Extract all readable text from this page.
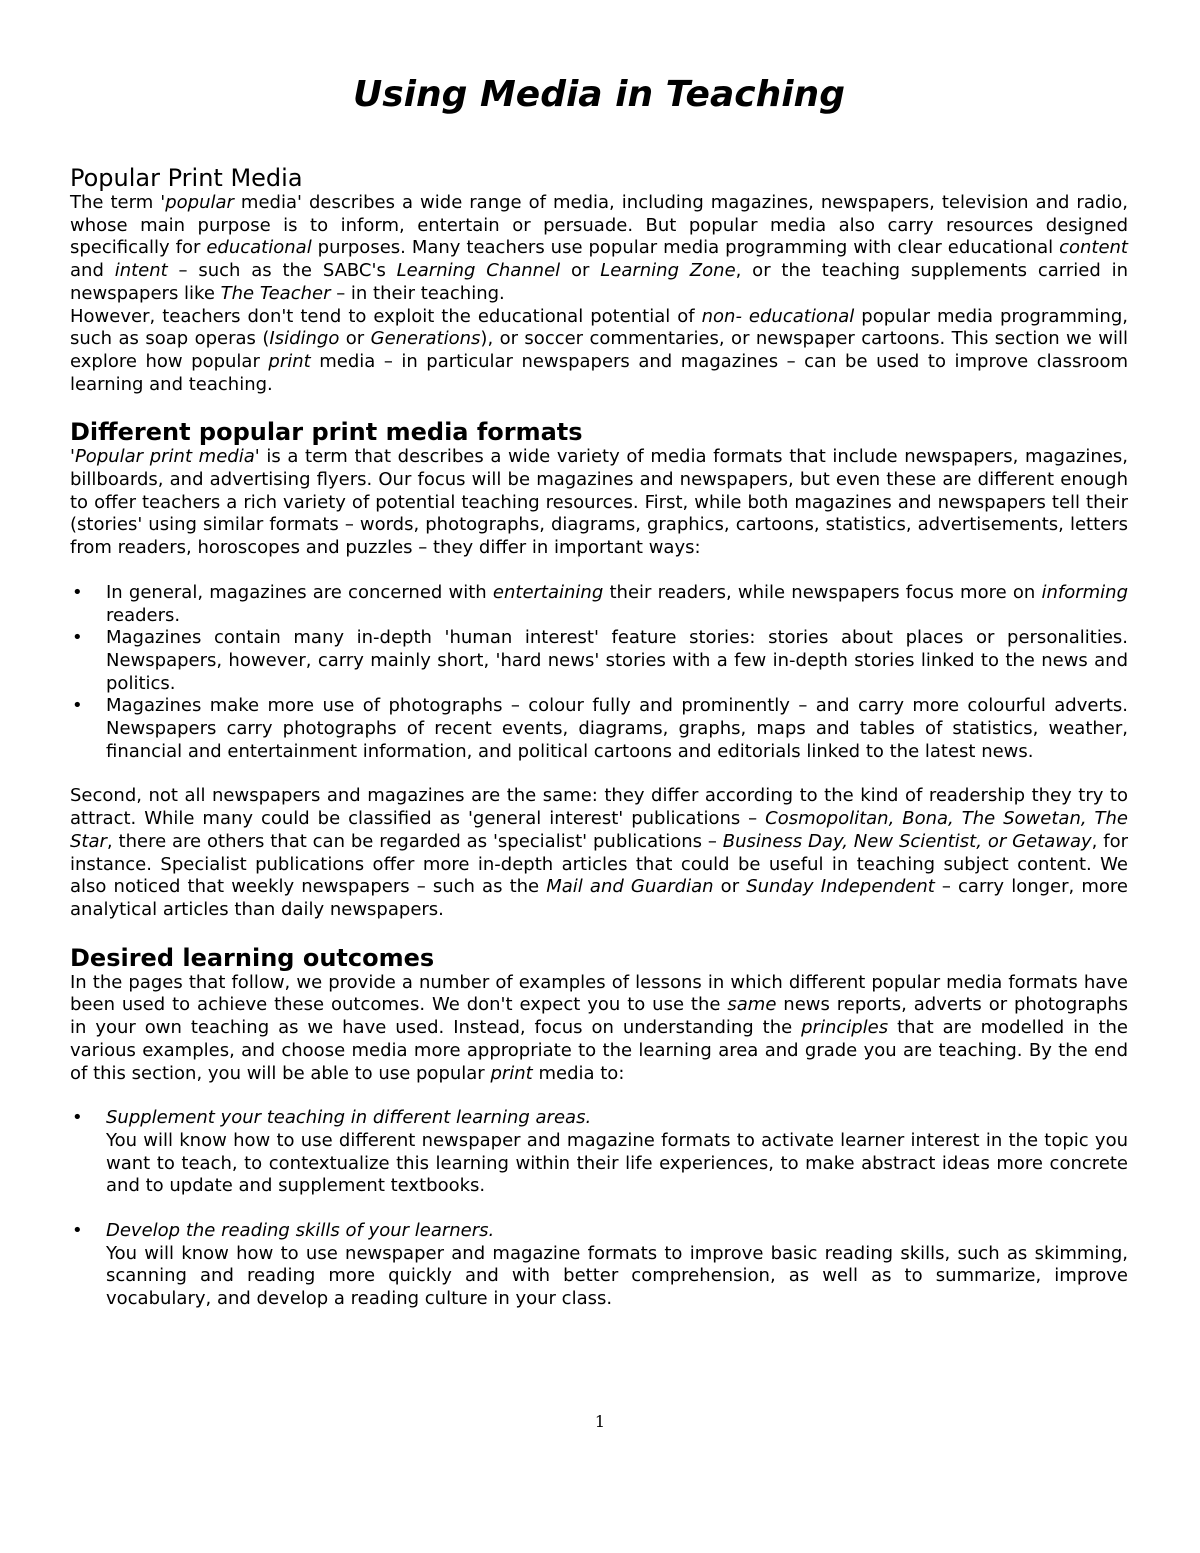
Using Media in Teaching
Popular Print Media

The term 'popular media' describes a wide range of media, including magazines, newspapers, television and radio, whose main purpose is to inform, entertain or persuade. But popular media also carry resources designed specifically for educational purposes. Many teachers use popular media programming with clear educational content and intent – such as the SABC's Learning Channel or Learning Zone, or the teaching supplements carried in newspapers like The Teacher – in their teaching.

However, teachers don't tend to exploit the educational potential of non- educational popular media programming, such as soap operas (Isidingo or Generations), or soccer commentaries, or newspaper cartoons. This section we will explore how popular print media – in particular newspapers and magazines – can be used to improve classroom learning and teaching.

Different popular print media formats

'Popular print media' is a term that describes a wide variety of media formats that include newspapers, magazines, billboards, and advertising flyers. Our focus will be magazines and newspapers, but even these are different enough to offer teachers a rich variety of potential teaching resources. First, while both magazines and newspapers tell their (stories' using similar formats – words, photographs, diagrams, graphics, cartoons, statistics, advertisements, letters from readers, horoscopes and puzzles – they differ in important ways:

• In general, magazines are concerned with entertaining their readers, while newspapers focus more on informing readers.
• Magazines contain many in-depth 'human interest' feature stories: stories about places or personalities. Newspapers, however, carry mainly short, 'hard news' stories with a few in-depth stories linked to the news and politics.
• Magazines make more use of photographs – colour fully and prominently – and carry more colourful adverts. Newspapers carry photographs of recent events, diagrams, graphs, maps and tables of statistics, weather, financial and entertainment information, and political cartoons and editorials linked to the latest news.

Second, not all newspapers and magazines are the same: they differ according to the kind of readership they try to attract. While many could be classified as 'general interest' publications – Cosmopolitan, Bona, The Sowetan, The Star, there are others that can be regarded as 'specialist' publications – Business Day, New Scientist, or Getaway, for instance. Specialist publications offer more in-depth articles that could be useful in teaching subject content. We also noticed that weekly newspapers – such as the Mail and Guardian or Sunday Independent – carry longer, more analytical articles than daily newspapers.

Desired learning outcomes

In the pages that follow, we provide a number of examples of lessons in which different popular media formats have been used to achieve these outcomes. We don't expect you to use the same news reports, adverts or photographs in your own teaching as we have used. Instead, focus on understanding the principles that are modelled in the various examples, and choose media more appropriate to the learning area and grade you are teaching. By the end of this section, you will be able to use popular print media to:

• Supplement your teaching in different learning areas.
You will know how to use different newspaper and magazine formats to activate learner interest in the topic you want to teach, to contextualize this learning within their life experiences, to make abstract ideas more concrete and to update and supplement textbooks.
• Develop the reading skills of your learners.
You will know how to use newspaper and magazine formats to improve basic reading skills, such as skimming, scanning and reading more quickly and with better comprehension, as well as to summarize, improve vocabulary, and develop a reading culture in your class.
1
